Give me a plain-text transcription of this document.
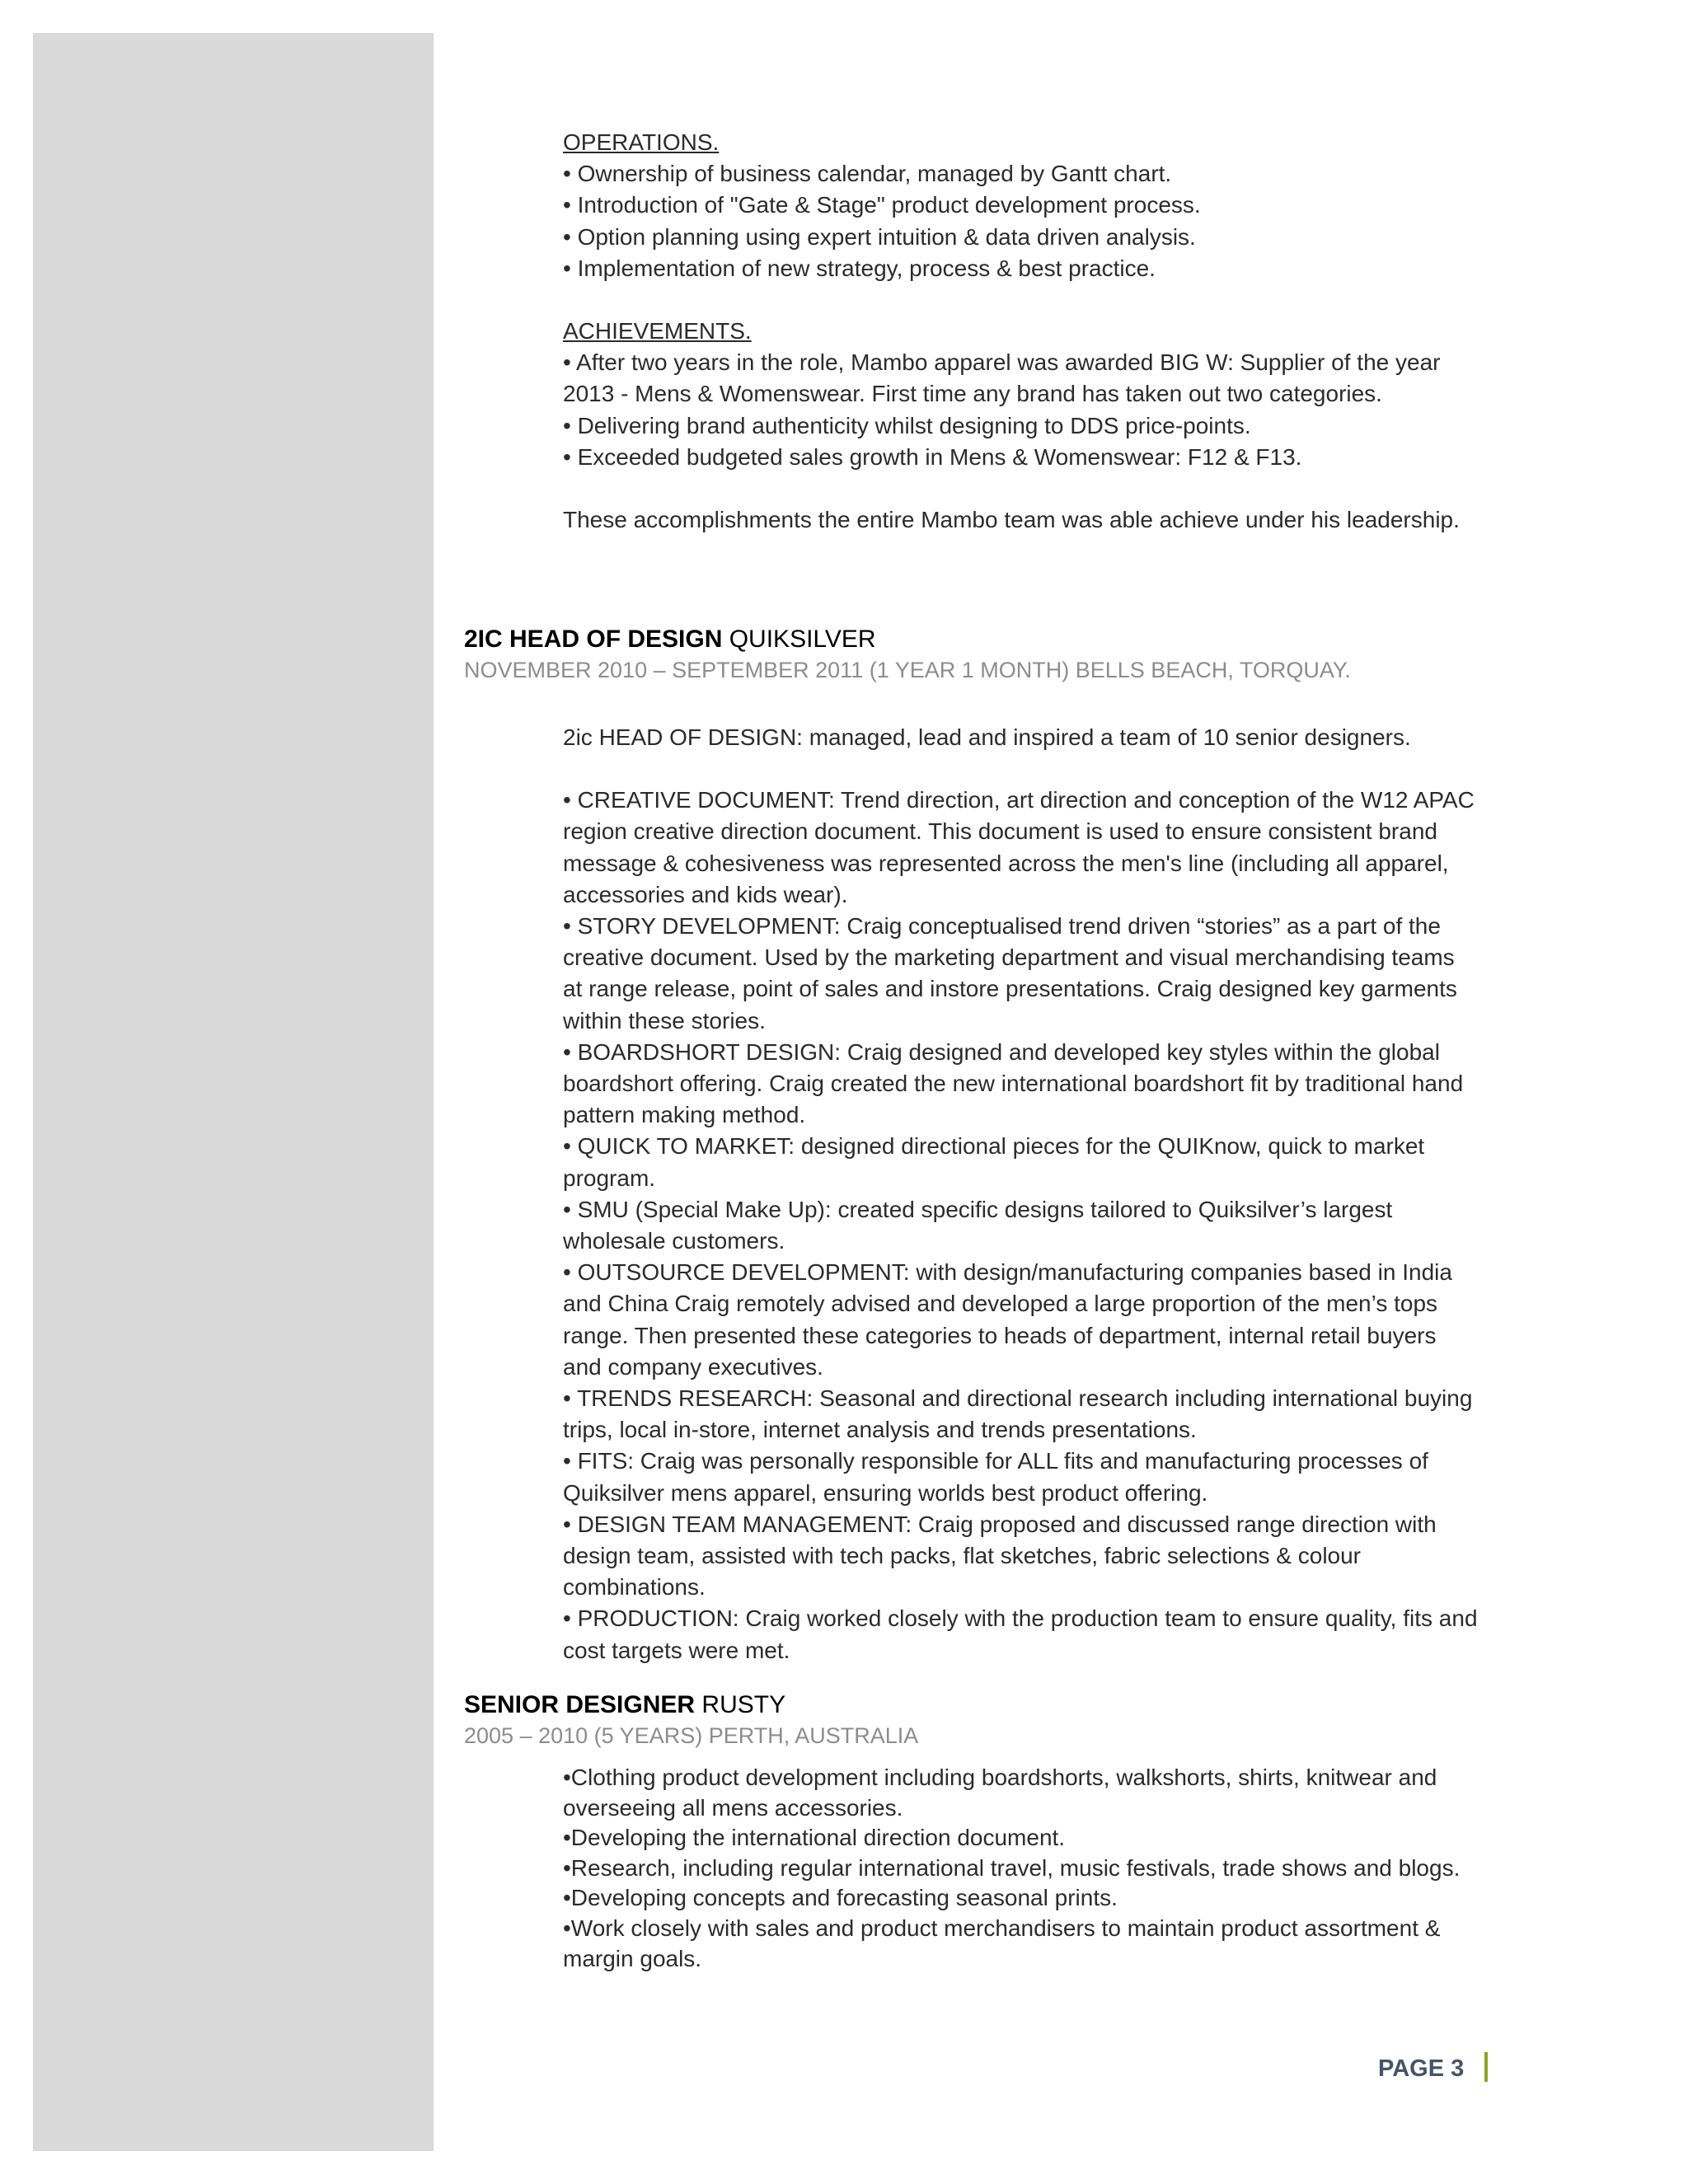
OPERATIONS.

• Ownership of business calendar, managed by Gantt chart.

• Introduction of "Gate & Stage" product development process.

• Option planning using expert intuition & data driven analysis.

• Implementation of new strategy, process & best practice.

ACHIEVEMENTS.

• After two years in the role, Mambo apparel was awarded BIG W: Supplier of the year 2013 - Mens & Womenswear. First time any brand has taken out two categories.

• Delivering brand authenticity whilst designing to DDS price-points.

• Exceeded budgeted sales growth in Mens & Womenswear: F12 & F13.

These accomplishments the entire Mambo team was able achieve under his leadership.

2IC HEAD OF DESIGN QUIKSILVER
NOVEMBER 2010 – SEPTEMBER 2011 (1 YEAR 1 MONTH) BELLS BEACH, TORQUAY.

2ic HEAD OF DESIGN: managed, lead and inspired a team of 10 senior designers.

• CREATIVE DOCUMENT: Trend direction, art direction and conception of the W12 APAC region creative direction document. This document is used to ensure consistent brand message & cohesiveness was represented across the men's line (including all apparel, accessories and kids wear).

• STORY DEVELOPMENT: Craig conceptualised trend driven “stories” as a part of the creative document. Used by the marketing department and visual merchandising teams at range release, point of sales and instore presentations. Craig designed key garments within these stories.

• BOARDSHORT DESIGN: Craig designed and developed key styles within the global boardshort offering. Craig created the new international boardshort fit by traditional hand pattern making method.

• QUICK TO MARKET: designed directional pieces for the QUIKnow, quick to market program.

• SMU (Special Make Up): created specific designs tailored to Quiksilver’s largest wholesale customers.

• OUTSOURCE DEVELOPMENT: with design/manufacturing companies based in India and China Craig remotely advised and developed a large proportion of the men’s tops range. Then presented these categories to heads of department, internal retail buyers and company executives.

• TRENDS RESEARCH: Seasonal and directional research including international buying trips, local in-store, internet analysis and trends presentations.

• FITS: Craig was personally responsible for ALL fits and manufacturing processes of Quiksilver mens apparel, ensuring worlds best product offering.

• DESIGN TEAM MANAGEMENT: Craig proposed and discussed range direction with design team, assisted with tech packs, flat sketches, fabric selections & colour combinations.

• PRODUCTION: Craig worked closely with the production team to ensure quality, fits and cost targets were met.

SENIOR DESIGNER RUSTY
2005 – 2010 (5 YEARS) PERTH, AUSTRALIA

•Clothing product development including boardshorts, walkshorts, shirts, knitwear and overseeing all mens accessories.

•Developing the international direction document.

•Research, including regular international travel, music festivals, trade shows and blogs.

•Developing concepts and forecasting seasonal prints.

•Work closely with sales and product merchandisers to maintain product assortment & margin goals.

PAGE 3
